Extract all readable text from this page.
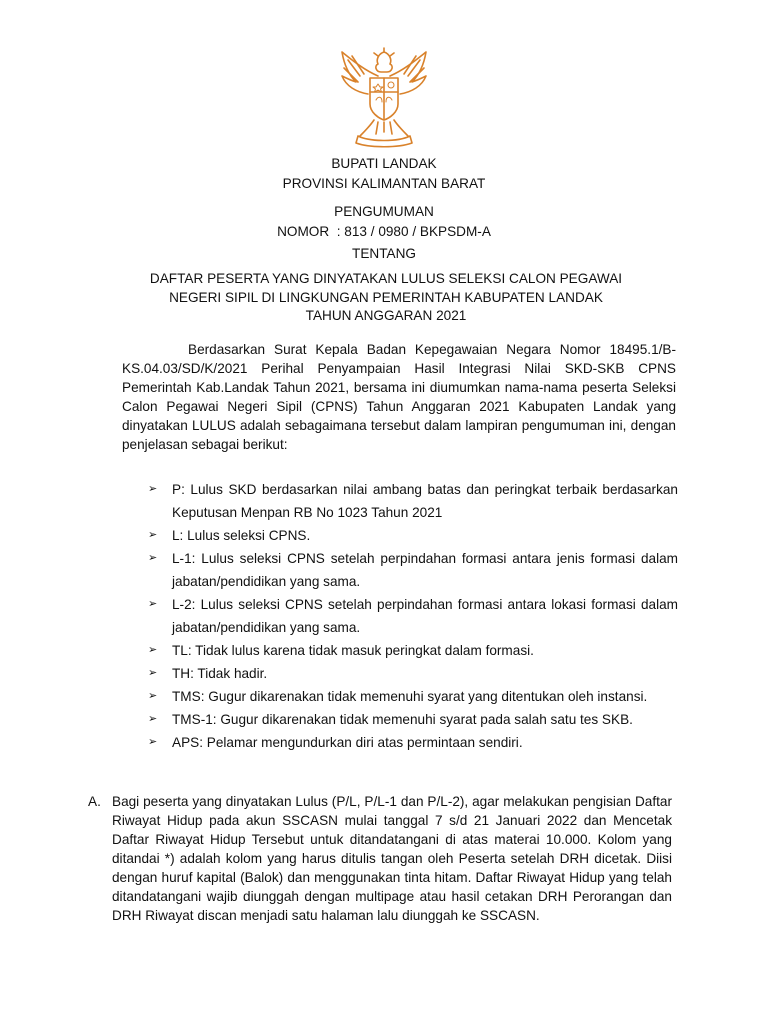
BUPATI LANDAK
PROVINSI KALIMANTAN BARAT
PENGUMUMAN
NOMOR  : 813 / 0980 / BKPSDM-A
TENTANG
DAFTAR PESERTA YANG DINYATAKAN LULUS SELEKSI CALON PEGAWAI
NEGERI SIPIL DI LINGKUNGAN PEMERINTAH KABUPATEN LANDAK
TAHUN ANGGARAN 2021
Berdasarkan Surat Kepala Badan Kepegawaian Negara Nomor 18495.1/B-KS.04.03/SD/K/2021 Perihal Penyampaian Hasil Integrasi Nilai SKD-SKB CPNS Pemerintah Kab.Landak Tahun 2021, bersama ini diumumkan nama-nama peserta Seleksi Calon Pegawai Negeri Sipil (CPNS) Tahun Anggaran 2021 Kabupaten Landak yang dinyatakan LULUS adalah sebagaimana tersebut dalam lampiran pengumuman ini, dengan penjelasan sebagai berikut:
➢ P: Lulus SKD berdasarkan nilai ambang batas dan peringkat terbaik berdasarkan Keputusan Menpan RB No 1023 Tahun 2021
➢ L: Lulus seleksi CPNS.
➢ L-1: Lulus seleksi CPNS setelah perpindahan formasi antara jenis formasi dalam jabatan/pendidikan yang sama.
➢ L-2: Lulus seleksi CPNS setelah perpindahan formasi antara lokasi formasi dalam jabatan/pendidikan yang sama.
➢ TL: Tidak lulus karena tidak masuk peringkat dalam formasi.
➢ TH: Tidak hadir.
➢ TMS: Gugur dikarenakan tidak memenuhi syarat yang ditentukan oleh instansi.
➢ TMS-1: Gugur dikarenakan tidak memenuhi syarat pada salah satu tes SKB.
➢ APS: Pelamar mengundurkan diri atas permintaan sendiri.
A. Bagi peserta yang dinyatakan Lulus (P/L, P/L-1 dan P/L-2), agar melakukan pengisian Daftar Riwayat Hidup pada akun SSCASN mulai tanggal 7 s/d 21 Januari 2022 dan Mencetak Daftar Riwayat Hidup Tersebut untuk ditandatangani di atas materai 10.000. Kolom yang ditandai *) adalah kolom yang harus ditulis tangan oleh Peserta setelah DRH dicetak. Diisi dengan huruf kapital (Balok) dan menggunakan tinta hitam. Daftar Riwayat Hidup yang telah ditandatangani wajib diunggah dengan multipage atau hasil cetakan DRH Perorangan dan DRH Riwayat discan menjadi satu halaman lalu diunggah ke SSCASN.
